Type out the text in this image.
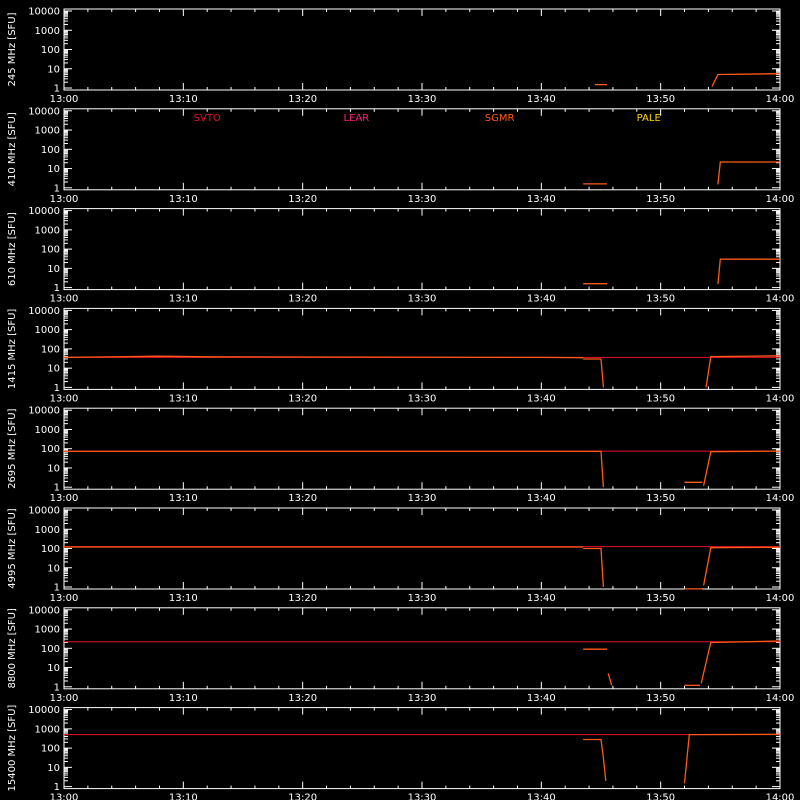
245 MHz [SFU]
1
10
100
1000
10000
13:00	13:10	13:20	13:30	13:40	13:50	14:00
410 MHz [SFU]
1
10
100
1000
10000
13:00	13:10	13:20	13:30	13:40	13:50	14:00
SVTO	LEAR	SGMR	PALE
610 MHz [SFU]
1
10
100
1000
10000
13:00	13:10	13:20	13:30	13:40	13:50	14:00
1415 MHz [SFU]	1
10
100
1000
10000
13:00	13:10	13:20	13:30	13:40	13:50	14:00
2695 MHz [SFU]	1
10
100
1000
10000
13:00	13:10	13:20	13:30	13:40	13:50	14:00
4995 MHz [SFU]	1
10
100
1000
10000
13:00	13:10	13:20	13:30	13:40	13:50	14:00
8800 MHz [SFU]	1
10
100
1000
10000
13:00	13:10	13:20	13:30	13:40	13:50	14:00
15400 MHz [SFU]	1
10
100
1000
10000
13:00	13:10	13:20	13:30	13:40	13:50	14:00
